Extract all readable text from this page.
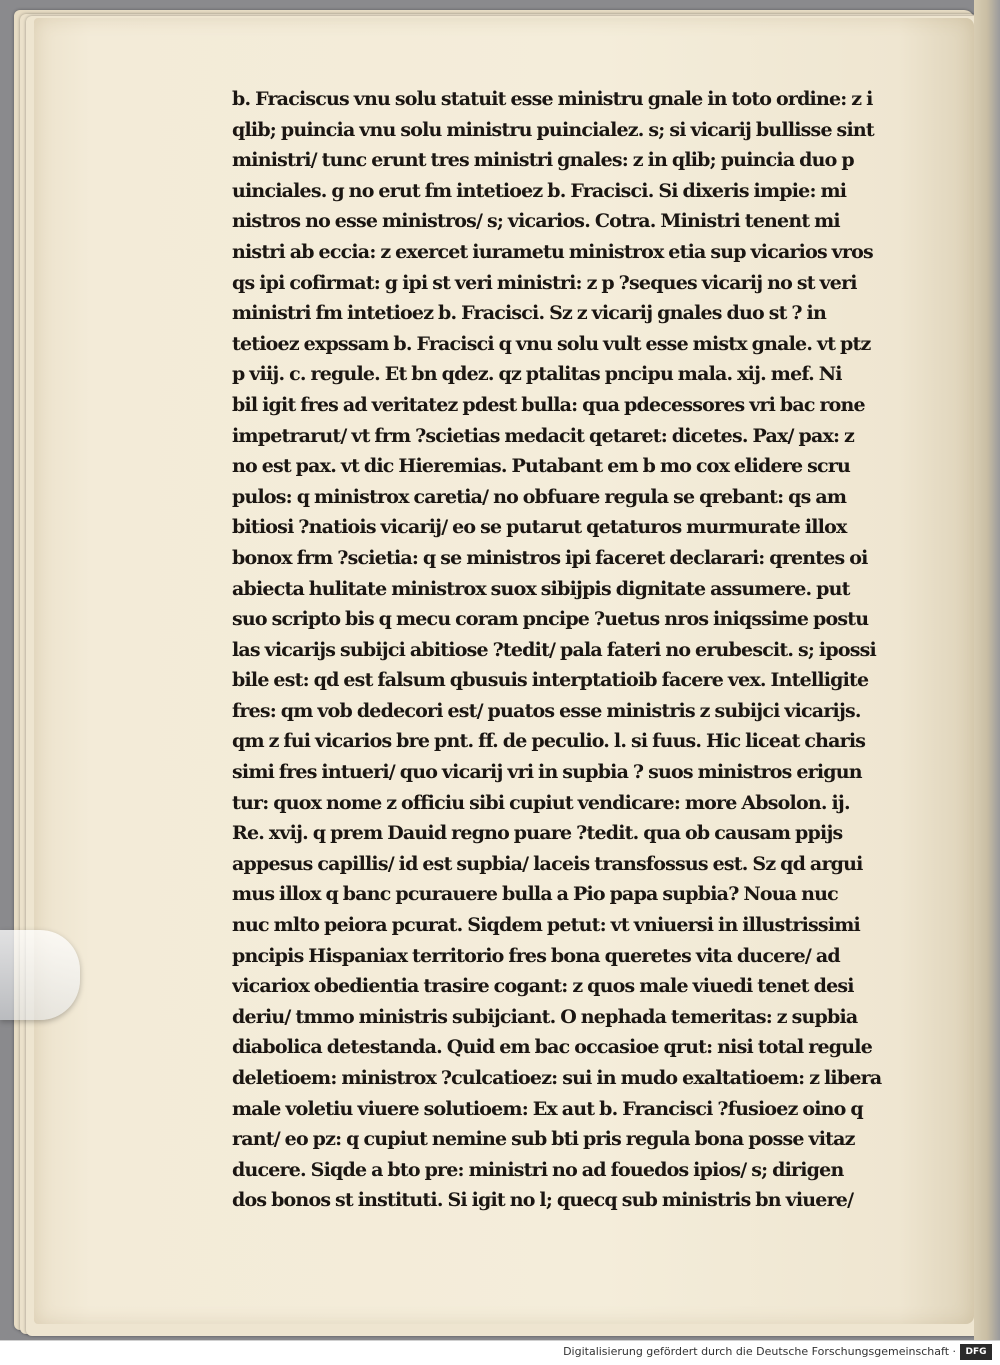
b. Fraciscus vnu solu statuit esse ministru gnale in toto ordine: z i
qlib; puincia vnu solu ministru puincialez. s; si vicarij bullisse sint
ministri/ tunc erunt tres ministri gnales: z in qlib; puincia duo p
uinciales. g no erut fm intetioez b. Fracisci. Si dixeris impie: mi
nistros no esse ministros/ s; vicarios. Cotra. Ministri tenent mi
nistri ab eccia: z exercet iurametu ministrox etia sup vicarios vros
qs ipi cofirmat: g ipi st veri ministri: z p ?seques vicarij no st veri
ministri fm intetioez b. Fracisci. Sz z vicarij gnales duo st ? in
tetioez expssam b. Fracisci q vnu solu vult esse mistx gnale. vt ptz
p viij. c. regule. Et bn qdez. qz ptalitas pncipu mala. xij. mef. Ni
bil igit fres ad veritatez pdest bulla: qua pdecessores vri bac rone
impetrarut/ vt frm ?scietias medacit qetaret: dicetes. Pax/ pax: z
no est pax. vt dic Hieremias. Putabant em b mo cox elidere scru
pulos: q ministrox caretia/ no obfuare regula se qrebant: qs am
bitiosi ?natiois vicarij/ eo se putarut qetaturos murmurate illox
bonox frm ?scietia: q se ministros ipi faceret declarari: qrentes oi
abiecta hulitate ministrox suox sibijpis dignitate assumere. put
suo scripto bis q mecu coram pncipe ?uetus nros iniqssime postu
las vicarijs subijci abitiose ?tedit/ pala fateri no erubescit. s; ipossi
bile est: qd est falsum qbusuis interptatioib facere vex. Intelligite
fres: qm vob dedecori est/ puatos esse ministris z subijci vicarijs.
qm z fui vicarios bre pnt. ff. de peculio. l. si fuus. Hic liceat charis
simi fres intueri/ quo vicarij vri in supbia ? suos ministros erigun
tur: quox nome z officiu sibi cupiut vendicare: more Absolon. ij.
Re. xvij. q prem Dauid regno puare ?tedit. qua ob causam ppijs
appesus capillis/ id est supbia/ laceis transfossus est. Sz qd argui
mus illox q banc pcurauere bulla a Pio papa supbia? Noua nuc
nuc mlto peiora pcurat. Siqdem petut: vt vniuersi in illustrissimi
pncipis Hispaniax territorio fres bona queretes vita ducere/ ad
vicariox obedientia trasire cogant: z quos male viuedi tenet desi
deriu/ tmmo ministris subijciant. O nephada temeritas: z supbia
diabolica detestanda. Quid em bac occasioe qrut: nisi total regule
deletioem: ministrox ?culcatioez: sui in mudo exaltatioem: z libera
male voletiu viuere solutioem: Ex aut b. Francisci ?fusioez oino q
rant/ eo pz: q cupiut nemine sub bti pris regula bona posse vitaz
ducere. Siqde a bto pre: ministri no ad fouedos ipios/ s; dirigen
dos bonos st instituti. Si igit no l; quecq sub ministris bn viuere/
Digitalisierung gefördert durch die Deutsche Forschungsgemeinschaft ·	DFG
